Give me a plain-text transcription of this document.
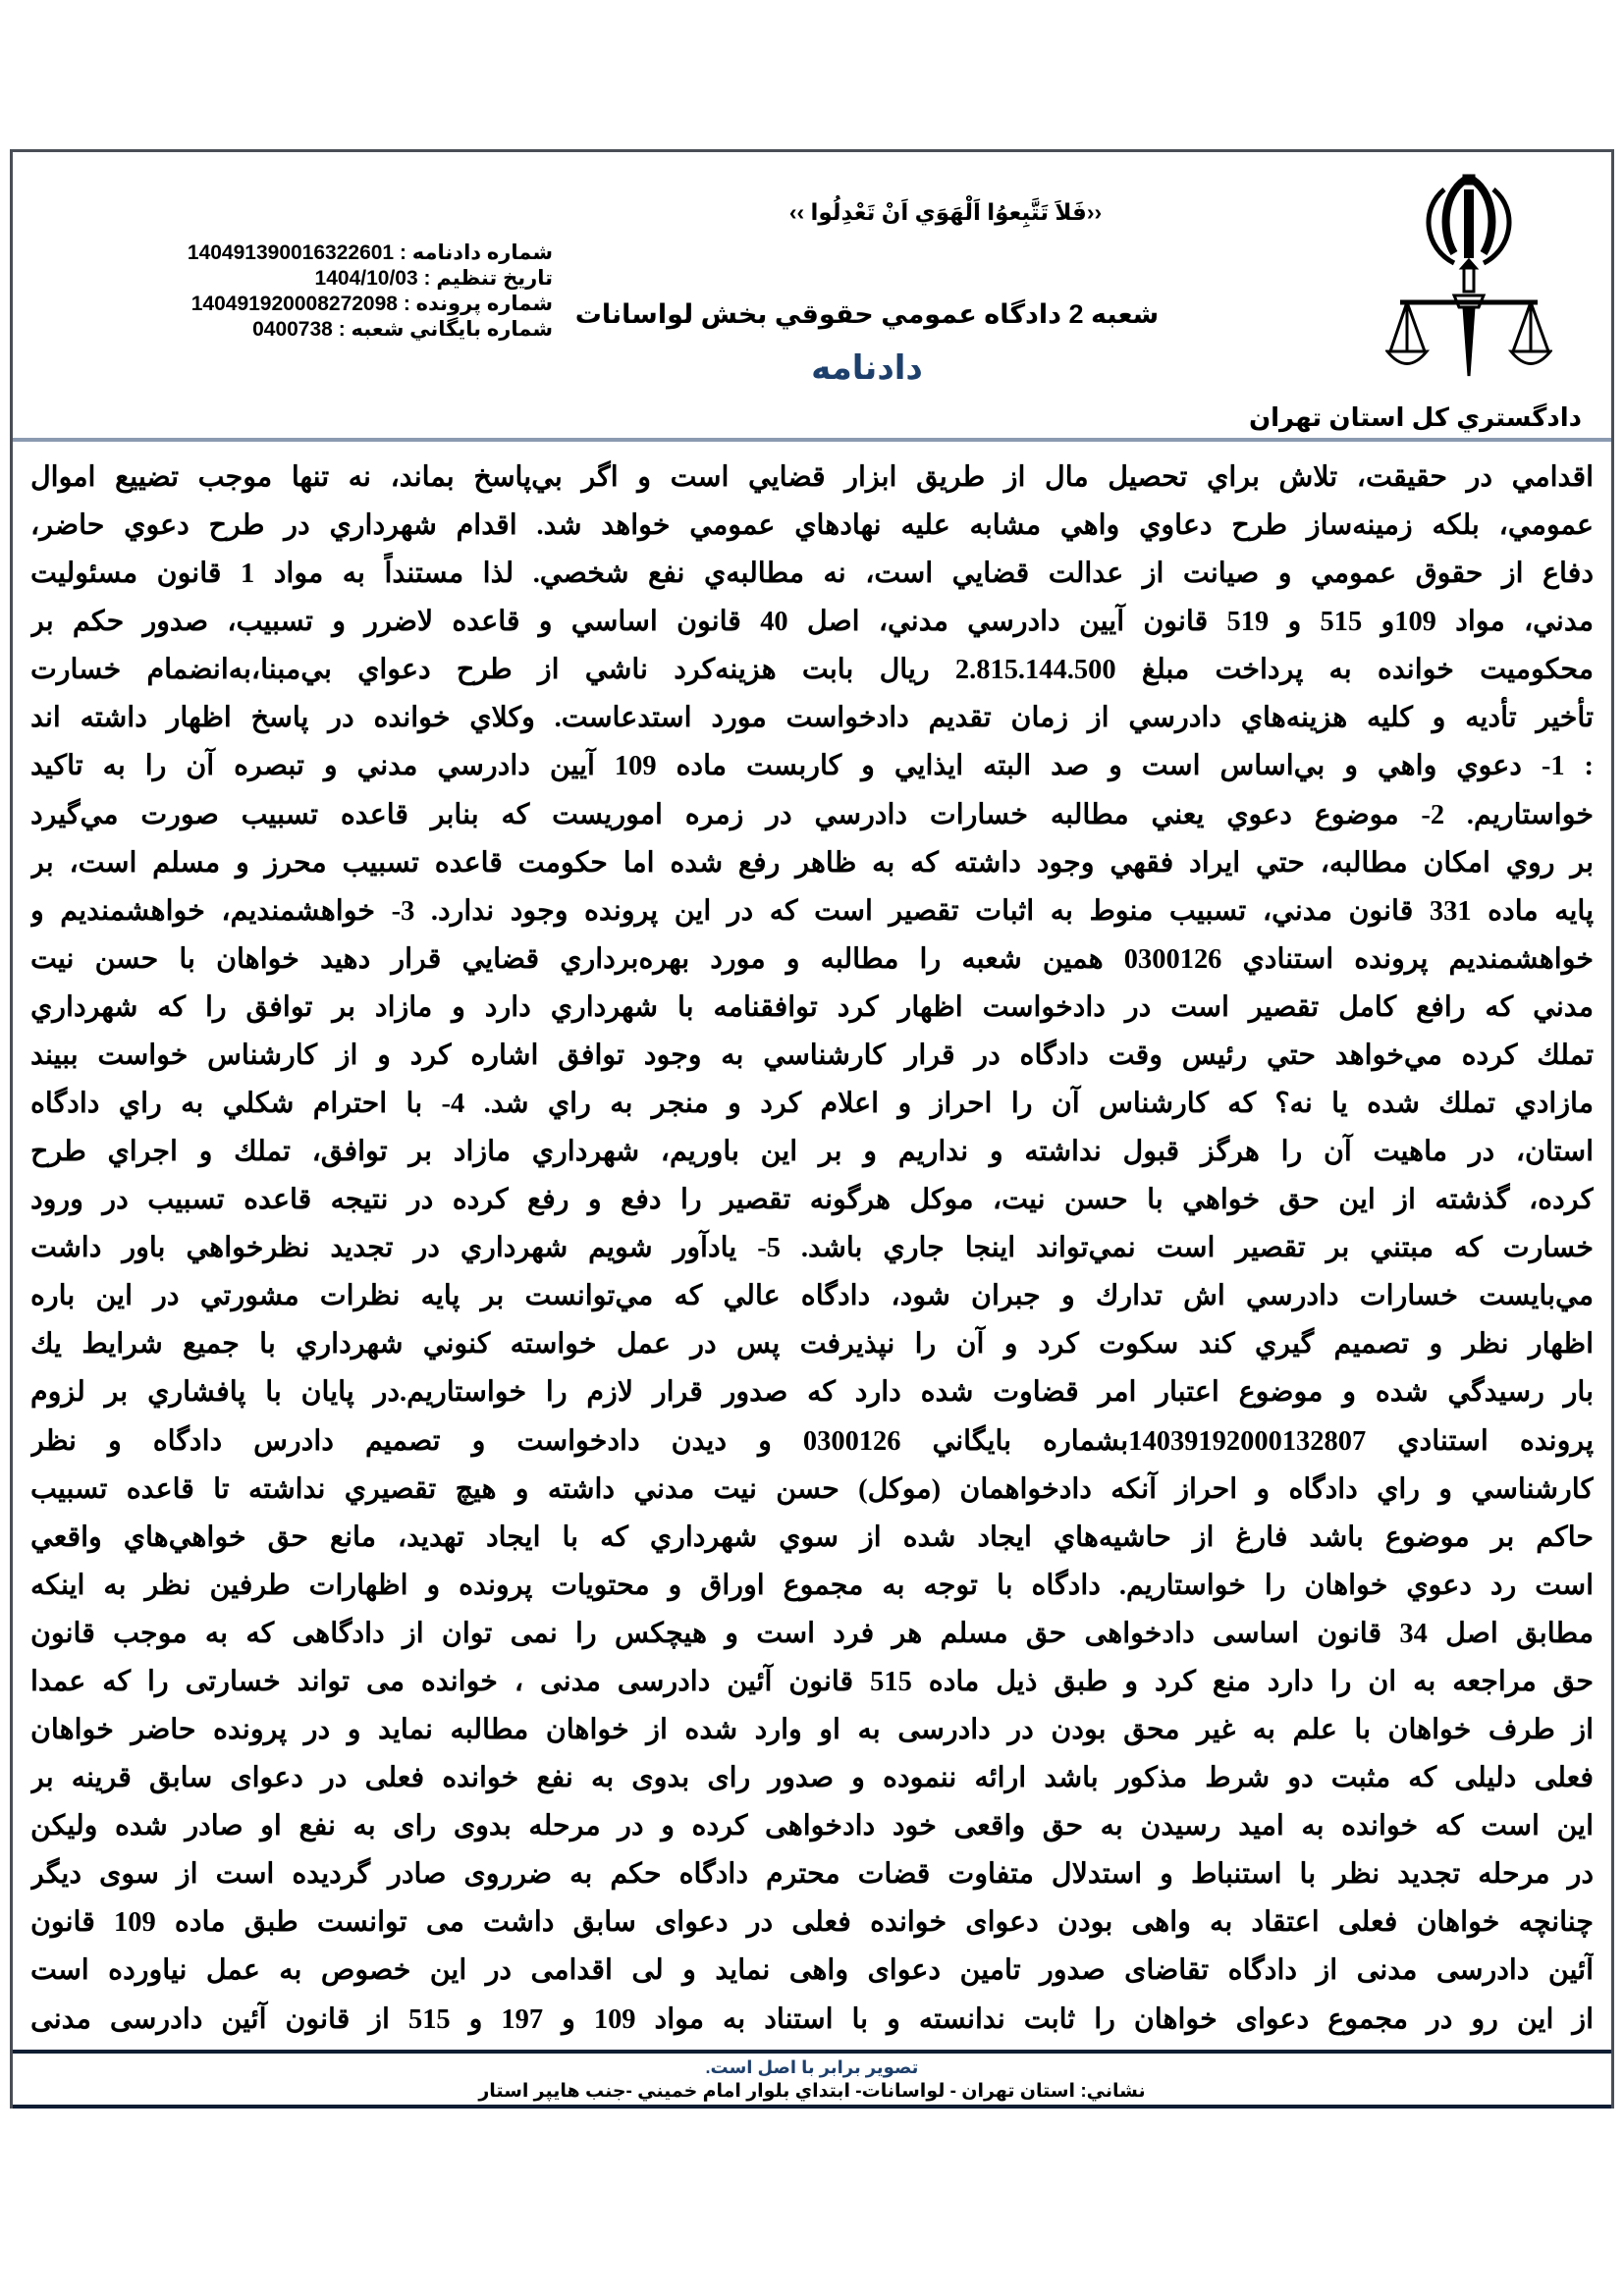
دادگستري كل استان تهران
‹‹فَلاَ تَتَّبِعوُا اَلْهَوَي اَنْ تَعْدِلُوا ››
شعبه 2 دادگاه عمومي حقوقي بخش لواسانات
دادنامه
شماره دادنامه : 140491390016322601
تاريخ تنظيم : 1404/10/03
شماره پرونده : 140491920008272098
شماره بايگاني شعبه : 0400738
اقدامي در حقيقت، تلاش براي تحصيل مال از طريق ابزار قضايي است و اگر بي‌پاسخ بماند، نه تنها موجب تضييع اموال
عمومي، بلكه زمينه‌ساز طرح دعاوي واهي مشابه عليه نهادهاي عمومي خواهد شد. اقدام شهرداري در طرح دعوي حاضر،
دفاع از حقوق عمومي و صيانت از عدالت قضايي است، نه مطالبه‌ي نفع شخصي. لذا مستنداً به مواد 1 قانون مسئوليت
مدني، مواد 109و 515 و 519 قانون آيين دادرسي مدني، اصل 40 قانون اساسي و قاعده لاضرر و تسبيب، صدور حكم بر
محكوميت خوانده به پرداخت مبلغ 2.815.144.500 ريال بابت هزينه‌كرد ناشي از طرح دعواي بي‌مبنا،به‌انضمام خسارت
تأخير تأديه و كليه هزينه‌هاي دادرسي از زمان تقديم دادخواست مورد استدعاست. وكلاي خوانده در پاسخ اظهار داشته اند
: 1- دعوي واهي و بي‌اساس است و صد البته ايذايي و كاربست ماده 109 آيين دادرسي مدني و تبصره آن را به تاكيد
خواستاريم. 2- موضوع دعوي يعني مطالبه خسارات دادرسي در زمره اموريست كه بنابر قاعده تسبيب صورت مي‌گيرد
بر روي امكان مطالبه، حتي ايراد فقهي وجود داشته كه به ظاهر رفع شده اما حكومت قاعده تسبيب محرز و مسلم است، بر
پايه ماده 331 قانون مدني، تسبيب منوط به اثبات تقصير است كه در اين پرونده وجود ندارد. 3- خواهشمنديم، خواهشمنديم و
خواهشمنديم پرونده استنادي 0300126 همين شعبه را مطالبه و مورد بهره‌برداري قضايي قرار دهيد خواهان با حسن نيت
مدني كه رافع كامل تقصير است در دادخواست اظهار كرد توافقنامه با شهرداري دارد و مازاد بر توافق را كه شهرداري
تملك كرده مي‌خواهد حتي رئيس وقت دادگاه در قرار كارشناسي به وجود توافق اشاره كرد و از كارشناس خواست ببيند
مازادي تملك شده يا نه؟ كه كارشناس آن را احراز و اعلام كرد و منجر به راي شد. 4- با احترام شكلي به راي دادگاه
استان، در ماهيت آن را هرگز قبول نداشته و نداريم و بر اين باوريم، شهرداري مازاد بر توافق، تملك و اجراي طرح
كرده، گذشته از اين حق خواهي با حسن نيت، موكل هرگونه تقصير را دفع و رفع كرده در نتيجه قاعده تسبيب در ورود
خسارت كه مبتني بر تقصير است نمي‌تواند اينجا جاري باشد. 5- يادآور شويم شهرداري در تجديد نظرخواهي باور داشت
مي‌بايست خسارات دادرسي اش تدارك و جبران شود، دادگاه عالي كه مي‌توانست بر پايه نظرات مشورتي در اين باره
اظهار نظر و تصميم گيري كند سكوت كرد و آن را نپذيرفت پس در عمل خواسته كنوني شهرداري با جميع شرايط يك
بار رسيدگي شده و موضوع اعتبار امر قضاوت شده دارد كه صدور قرار لازم را خواستاريم.در پايان با پافشاري بر لزوم
پرونده استنادي 14039192000132807بشماره بايگاني 0300126 و ديدن دادخواست و تصميم دادرس دادگاه و نظر
كارشناسي و راي دادگاه و احراز آنكه دادخواهمان (موكل) حسن نيت مدني داشته و هيچ تقصيري نداشته تا قاعده تسبيب
حاكم بر موضوع باشد فارغ از حاشيه‌هاي ايجاد شده از سوي شهرداري كه با ايجاد تهديد، مانع حق خواهي‌هاي واقعي
است رد دعوي خواهان را خواستاريم. دادگاه با توجه به مجموع اوراق و محتويات پرونده و اظهارات طرفين نظر به اينكه
مطابق اصل 34 قانون اساسی دادخواهی حق مسلم هر فرد است و هیچکس را نمی توان از دادگاهی که به موجب قانون
حق مراجعه به ان را دارد منع کرد و طبق ذیل ماده 515 قانون آئین دادرسی مدنی ، خوانده می تواند خسارتی را که عمدا
از طرف خواهان با علم به غیر محق بودن در دادرسی به او وارد شده از خواهان مطالبه نماید و در پرونده حاضر خواهان
فعلی دلیلی که مثبت دو شرط مذکور باشد ارائه ننموده و صدور رای بدوی به نفع خوانده فعلی در دعوای سابق قرینه بر
این است که خوانده به امید رسیدن به حق واقعی خود دادخواهی کرده و در مرحله بدوی رای به نفع او صادر شده ولیکن
در مرحله تجدید نظر با استنباط و استدلال متفاوت قضات محترم دادگاه حکم به ضرروی صادر گردیده است از سوی دیگر
چنانچه خواهان فعلی اعتقاد به واهی بودن دعوای خوانده فعلی در دعوای سابق داشت می توانست طبق ماده 109 قانون
آئین دادرسی مدنی از دادگاه تقاضای صدور تامین دعوای واهی نماید و لی اقدامی در این خصوص به عمل نیاورده است
از این رو در مجموع دعوای خواهان را ثابت ندانسته و با استناد به مواد 109 و 197 و 515 از قانون آئین دادرسی مدنی
تصوير برابر با اصل است.
نشاني: استان تهران - لواسانات- ابتداي بلوار امام خميني -جنب هايپر استار
